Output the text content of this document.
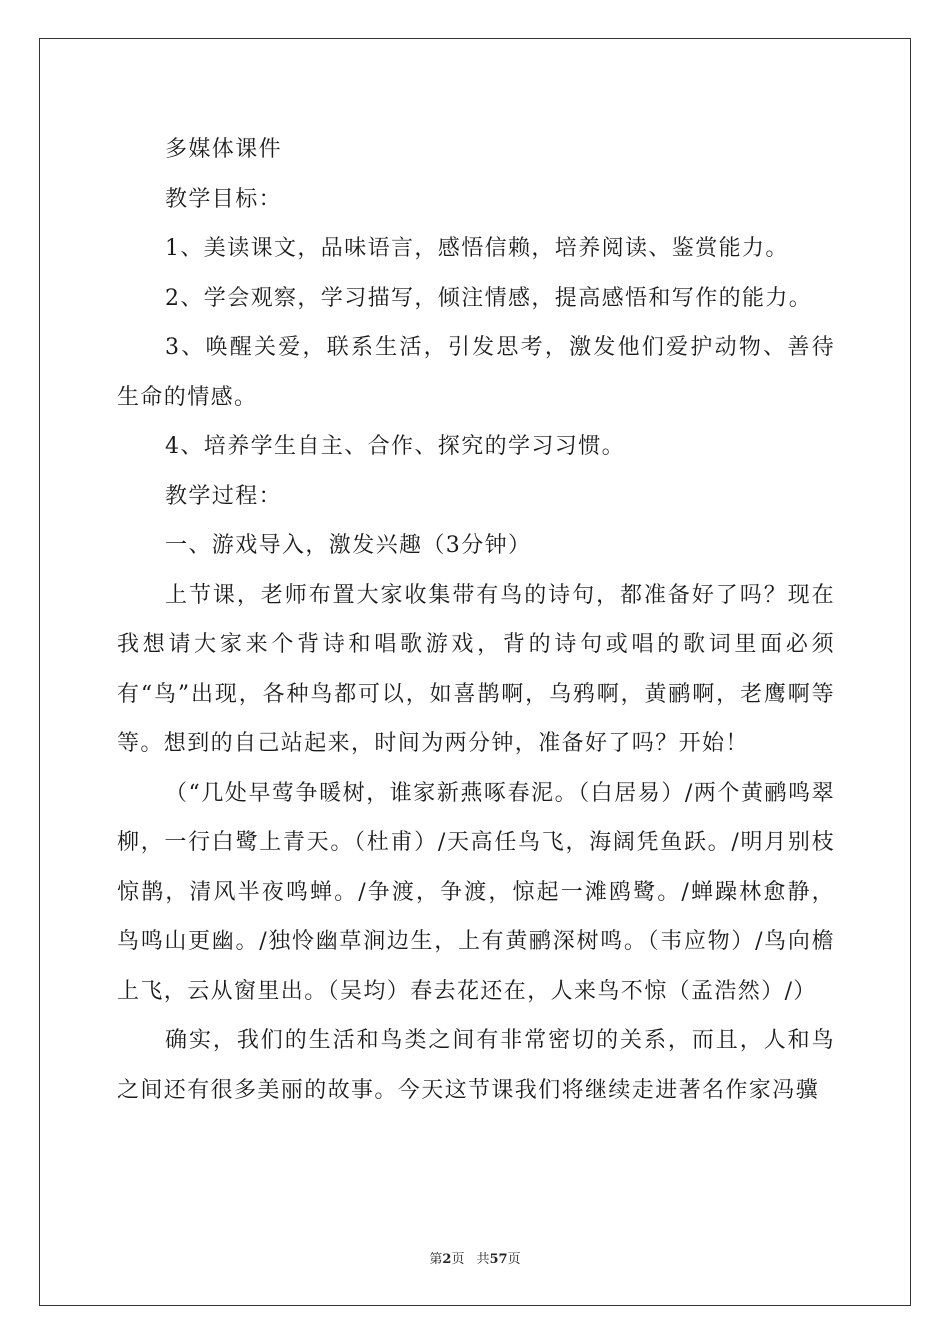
多媒体课件

教学目标：

1、美读课文，品味语言，感悟信赖，培养阅读、鉴赏能力。

2、学会观察，学习描写，倾注情感，提高感悟和写作的能力。

3、唤醒关爱，联系生活，引发思考，激发他们爱护动物、善待生命的情感。

4、培养学生自主、合作、探究的学习习惯。

教学过程：

一、游戏导入，激发兴趣（3分钟）

上节课，老师布置大家收集带有鸟的诗句，都准备好了吗？现在我想请大家来个背诗和唱歌游戏，背的诗句或唱的歌词里面必须有“鸟”出现，各种鸟都可以，如喜鹊啊，乌鸦啊，黄鹂啊，老鹰啊等等。想到的自己站起来，时间为两分钟，准备好了吗？开始！

（“几处早莺争暖树，谁家新燕啄春泥。（白居易）/两个黄鹂鸣翠柳，一行白鹭上青天。（杜甫）/天高任鸟飞，海阔凭鱼跃。/明月别枝惊鹊，清风半夜鸣蝉。/争渡，争渡，惊起一滩鸥鹭。/蝉躁林愈静，鸟鸣山更幽。/独怜幽草涧边生，上有黄鹂深树鸣。（韦应物）/鸟向檐上飞，云从窗里出。（吴均）春去花还在，人来鸟不惊（孟浩然）/）

确实，我们的生活和鸟类之间有非常密切的关系，而且，人和鸟之间还有很多美丽的故事。今天这节课我们将继续走进著名作家冯骥

第2页 共57页
